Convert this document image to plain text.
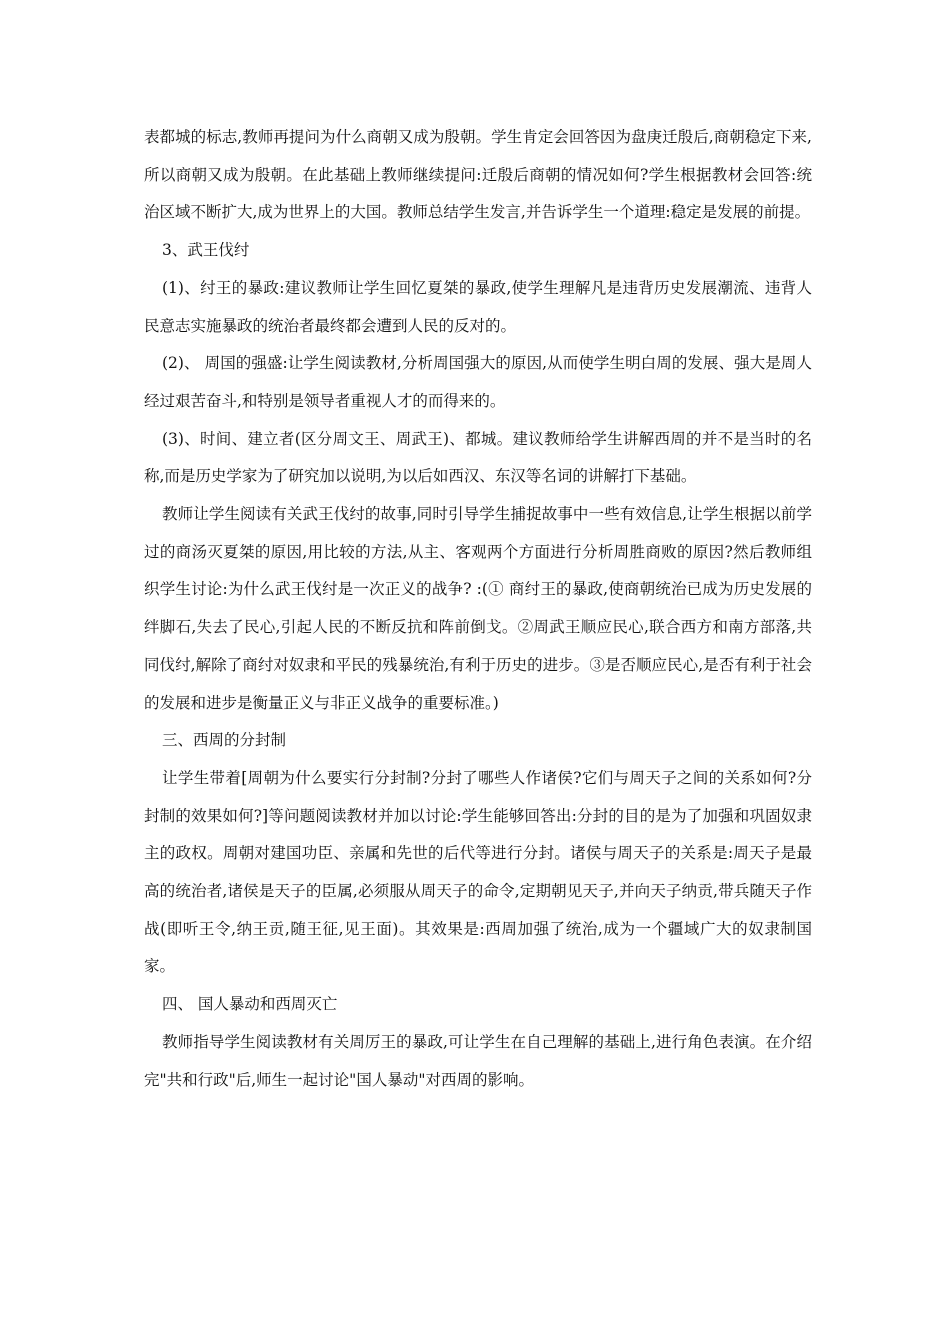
表都城的标志,教师再提问为什么商朝又成为殷朝。学生肯定会回答因为盘庚迁殷后,商朝稳定下来,所以商朝又成为殷朝。在此基础上教师继续提问:迁殷后商朝的情况如何?学生根据教材会回答:统治区域不断扩大,成为世界上的大国。教师总结学生发言,并告诉学生一个道理:稳定是发展的前提。

3、武王伐纣

(1)、纣王的暴政:建议教师让学生回忆夏桀的暴政,使学生理解凡是违背历史发展潮流、违背人民意志实施暴政的统治者最终都会遭到人民的反对的。

(2)、 周国的强盛:让学生阅读教材,分析周国强大的原因,从而使学生明白周的发展、强大是周人经过艰苦奋斗,和特别是领导者重视人才的而得来的。

(3)、时间、建立者(区分周文王、周武王)、都城。建议教师给学生讲解西周的并不是当时的名称,而是历史学家为了研究加以说明,为以后如西汉、东汉等名词的讲解打下基础。

教师让学生阅读有关武王伐纣的故事,同时引导学生捕捉故事中一些有效信息,让学生根据以前学过的商汤灭夏桀的原因,用比较的方法,从主、客观两个方面进行分析周胜商败的原因?然后教师组织学生讨论:为什么武王伐纣是一次正义的战争? :(① 商纣王的暴政,使商朝统治已成为历史发展的绊脚石,失去了民心,引起人民的不断反抗和阵前倒戈。②周武王顺应民心,联合西方和南方部落,共同伐纣,解除了商纣对奴隶和平民的残暴统治,有利于历史的进步。③是否顺应民心,是否有利于社会的发展和进步是衡量正义与非正义战争的重要标准。)

三、西周的分封制

让学生带着[周朝为什么要实行分封制?分封了哪些人作诸侯?它们与周天子之间的关系如何?分封制的效果如何?]等问题阅读教材并加以讨论:学生能够回答出:分封的目的是为了加强和巩固奴隶主的政权。周朝对建国功臣、亲属和先世的后代等进行分封。诸侯与周天子的关系是:周天子是最高的统治者,诸侯是天子的臣属,必须服从周天子的命令,定期朝见天子,并向天子纳贡,带兵随天子作战(即听王令,纳王贡,随王征,见王面)。其效果是:西周加强了统治,成为一个疆域广大的奴隶制国家。

四、 国人暴动和西周灭亡

教师指导学生阅读教材有关周厉王的暴政,可让学生在自己理解的基础上,进行角色表演。在介绍完"共和行政"后,师生一起讨论"国人暴动"对西周的影响。
